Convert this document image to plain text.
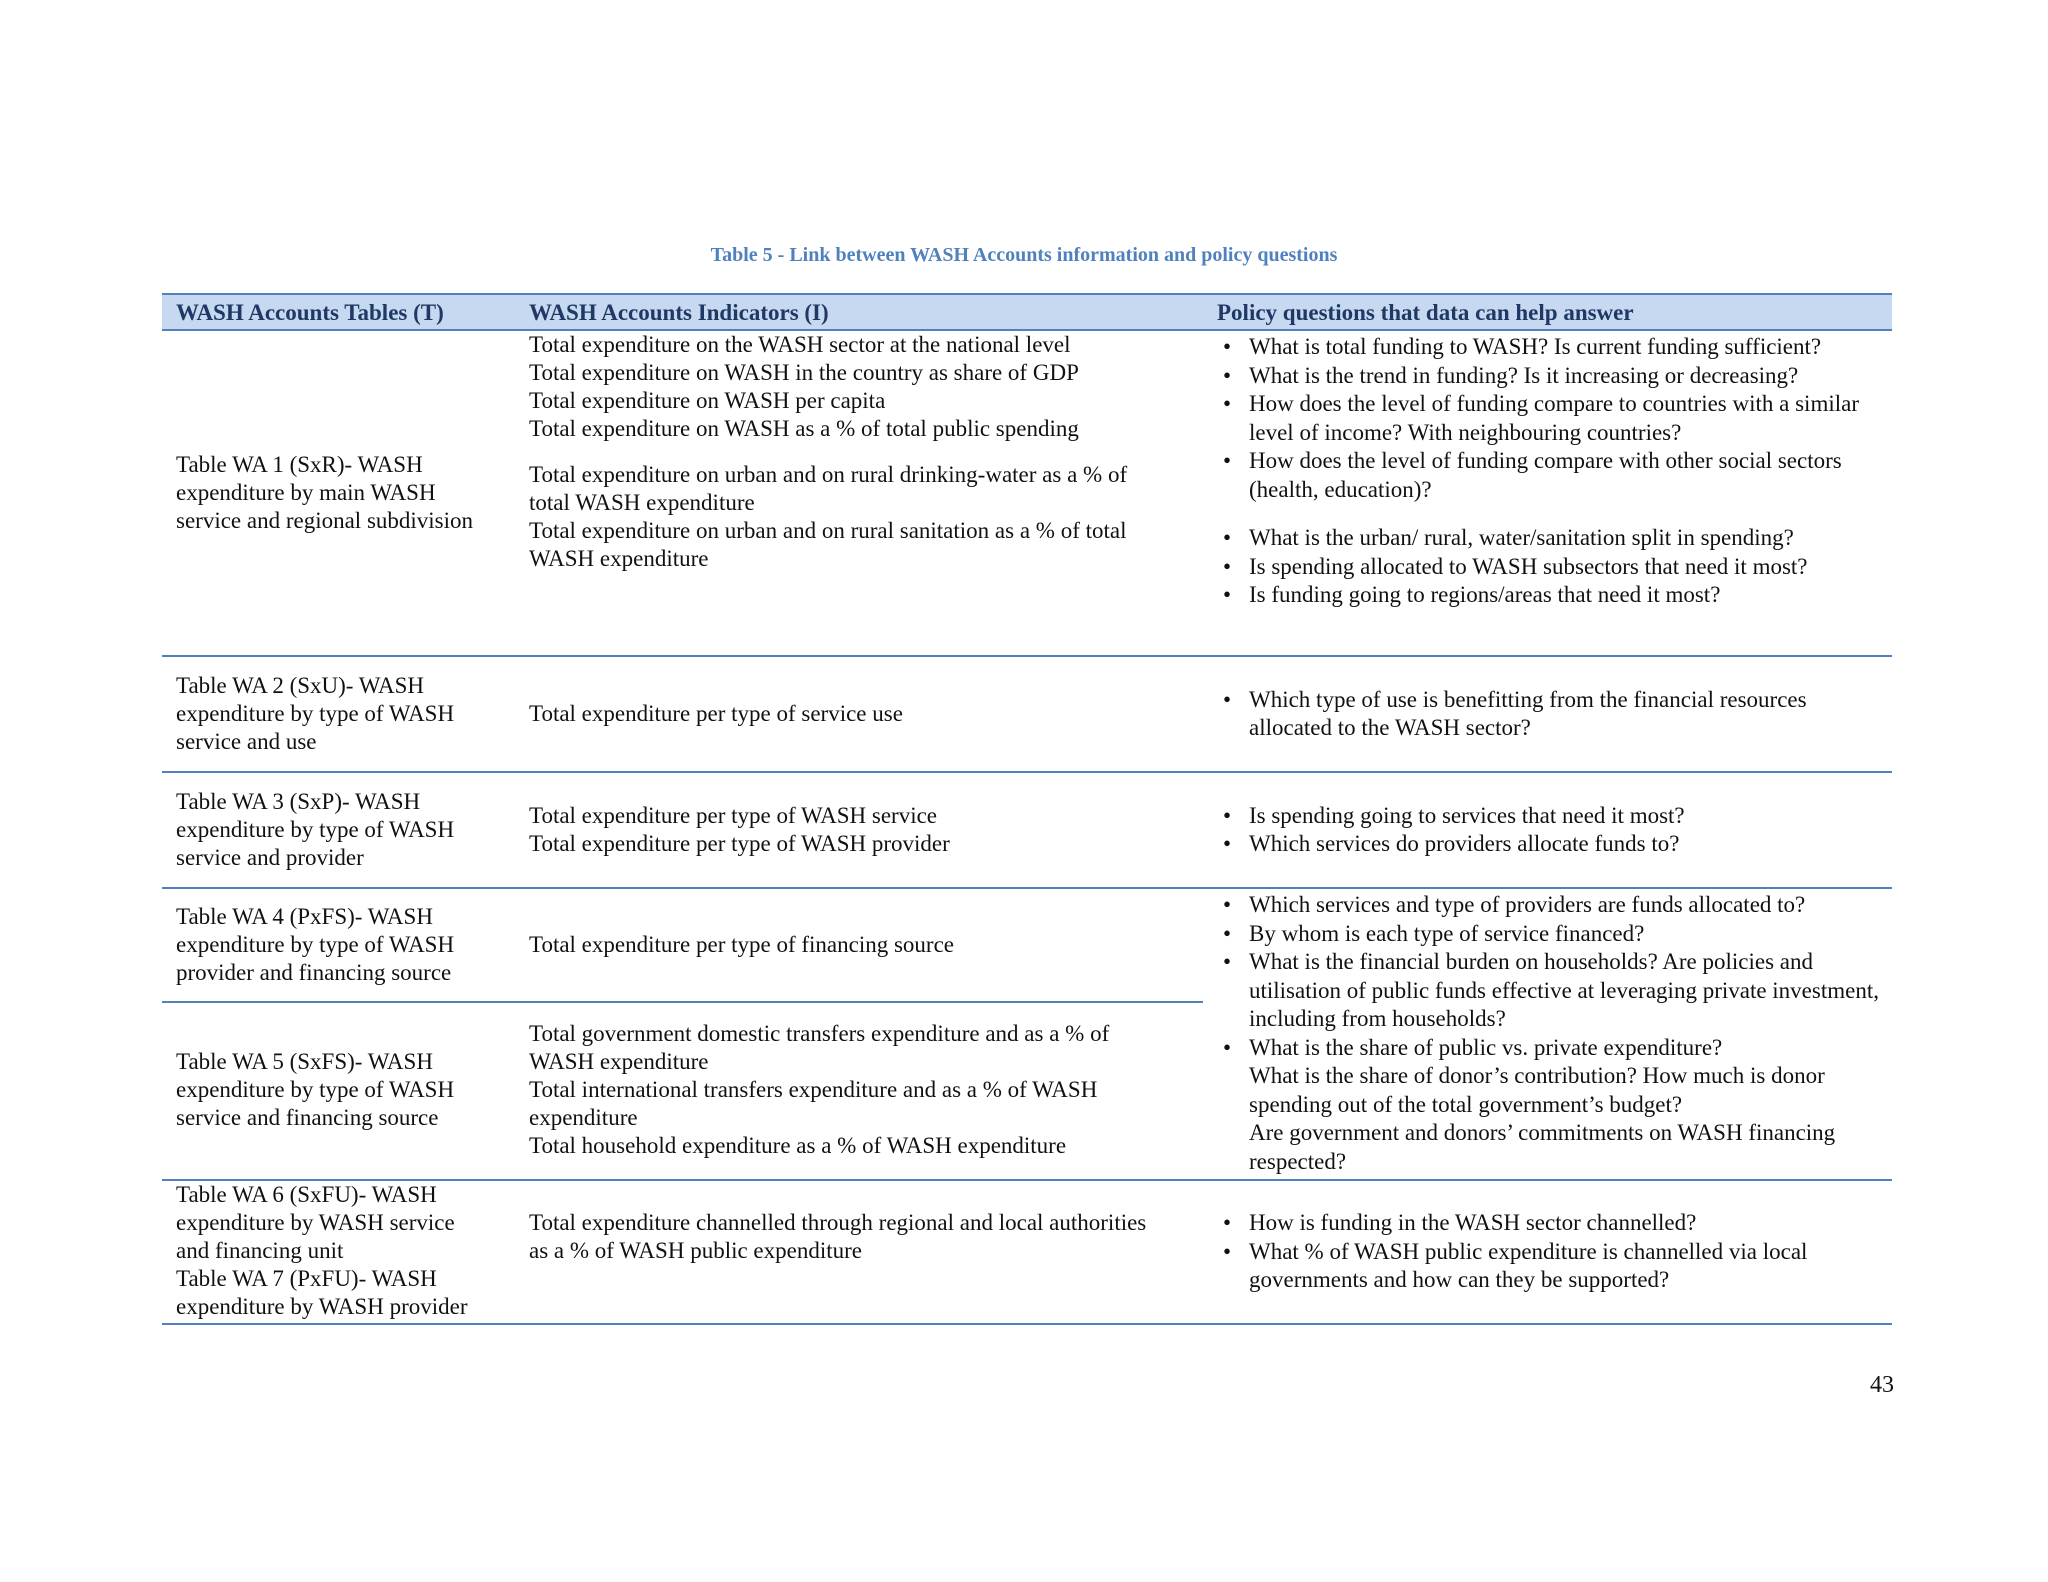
Table 5 - Link between WASH Accounts information and policy questions
WASH Accounts Tables (T)	WASH Accounts Indicators (I)	Policy questions that data can help answer
Table WA 1 (SxR)- WASH
expenditure by main WASH
service and regional subdivision
Total expenditure on the WASH sector at the national level
Total expenditure on WASH in the country as share of GDP
Total expenditure on WASH per capita
Total expenditure on WASH as a % of total public spending
Total expenditure on urban and on rural drinking-water as a % of
total WASH expenditure
Total expenditure on urban and on rural sanitation as a % of total
WASH expenditure
• What is total funding to WASH? Is current funding sufficient?
• What is the trend in funding? Is it increasing or decreasing?
• How does the level of funding compare to countries with a similar level of income? With neighbouring countries?
• How does the level of funding compare with other social sectors (health, education)?
• What is the urban/ rural, water/sanitation split in spending?
• Is spending allocated to WASH subsectors that need it most?
• Is funding going to regions/areas that need it most?
Table WA 2 (SxU)- WASH
expenditure by type of WASH
service and use
Total expenditure per type of service use
• Which type of use is benefitting from the financial resources allocated to the WASH sector?
Table WA 3 (SxP)- WASH
expenditure by type of WASH
service and provider
Total expenditure per type of WASH service
Total expenditure per type of WASH provider
• Is spending going to services that need it most?
• Which services do providers allocate funds to?
Table WA 4 (PxFS)- WASH
expenditure by type of WASH
provider and financing source
Total expenditure per type of financing source
Table WA 5 (SxFS)- WASH
expenditure by type of WASH
service and financing source
Total government domestic transfers expenditure and as a % of
WASH expenditure
Total international transfers expenditure and as a % of WASH
expenditure
Total household expenditure as a % of WASH expenditure
• Which services and type of providers are funds allocated to?
• By whom is each type of service financed?
• What is the financial burden on households? Are policies and utilisation of public funds effective at leveraging private investment, including from households?
• What is the share of public vs. private expenditure?
What is the share of donor’s contribution? How much is donor spending out of the total government’s budget?
Are government and donors’ commitments on WASH financing respected?
Table WA 6 (SxFU)- WASH
expenditure by WASH service
and financing unit
Table WA 7 (PxFU)- WASH
expenditure by WASH provider
Total expenditure channelled through regional and local authorities
as a % of WASH public expenditure
• How is funding in the WASH sector channelled?
• What % of WASH public expenditure is channelled via local governments and how can they be supported?
43
